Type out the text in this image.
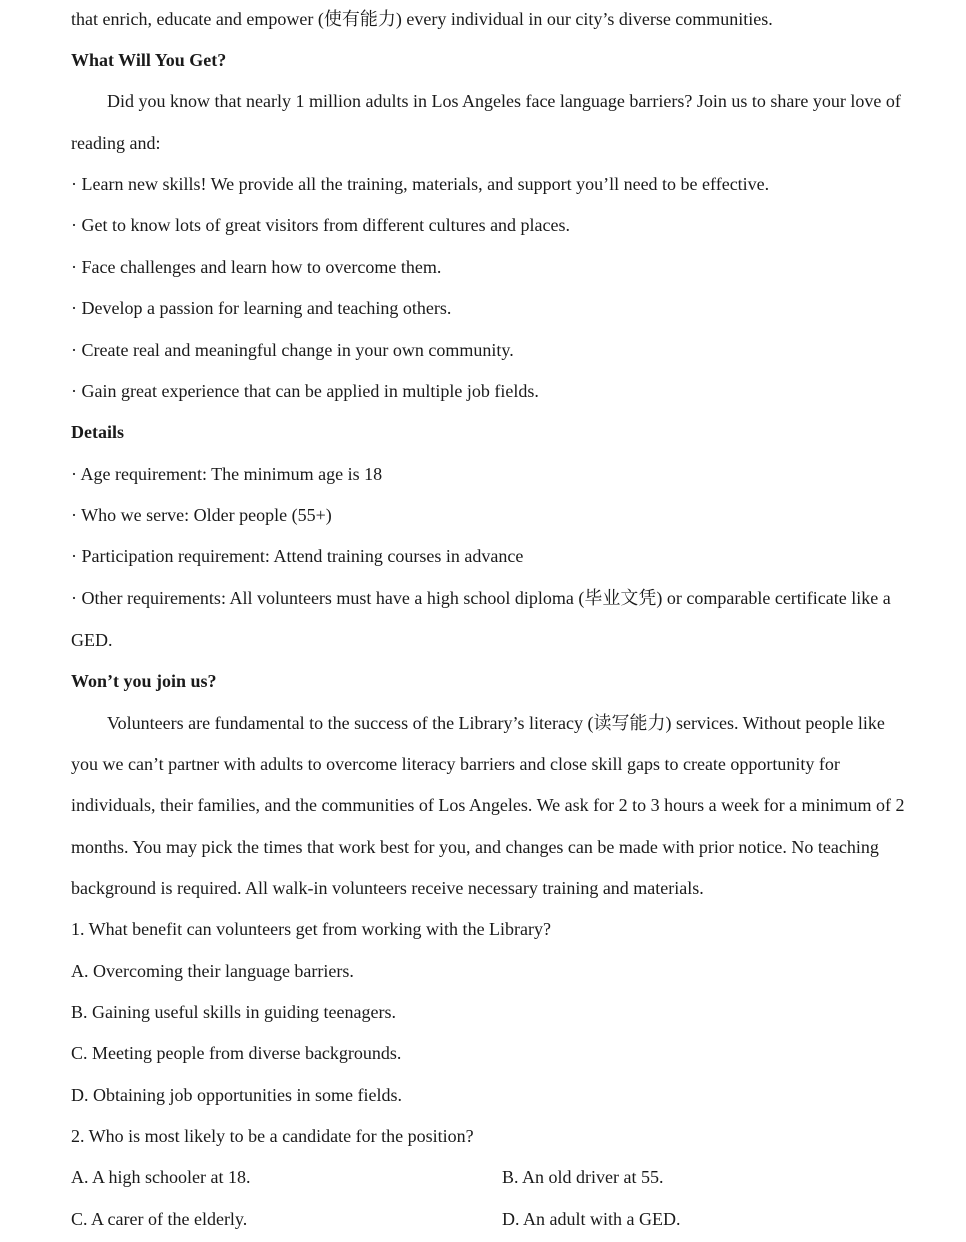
that enrich, educate and empower (使有能力) every individual in our city’s diverse communities.
What Will You Get?
Did you know that nearly 1 million adults in Los Angeles face language barriers? Join us to share your love of
reading and:
· Learn new skills! We provide all the training, materials, and support you’ll need to be effective.
· Get to know lots of great visitors from different cultures and places.
· Face challenges and learn how to overcome them.
· Develop a passion for learning and teaching others.
· Create real and meaningful change in your own community.
· Gain great experience that can be applied in multiple job fields.
Details
· Age requirement: The minimum age is 18
· Who we serve: Older people (55+)
· Participation requirement: Attend training courses in advance
· Other requirements: All volunteers must have a high school diploma (毕业文凭) or comparable certificate like a
GED.
Won’t you join us?
Volunteers are fundamental to the success of the Library’s literacy (读写能力) services. Without people like
you we can’t partner with adults to overcome literacy barriers and close skill gaps to create opportunity for
individuals, their families, and the communities of Los Angeles. We ask for 2 to 3 hours a week for a minimum of 2
months. You may pick the times that work best for you, and changes can be made with prior notice. No teaching
background is required. All walk-in volunteers receive necessary training and materials.
1. What benefit can volunteers get from working with the Library?
A. Overcoming their language barriers.
B. Gaining useful skills in guiding teenagers.
C. Meeting people from diverse backgrounds.
D. Obtaining job opportunities in some fields.
2. Who is most likely to be a candidate for the position?
A. A high schooler at 18.	B. An old driver at 55.
C. A carer of the elderly.	D. An adult with a GED.
